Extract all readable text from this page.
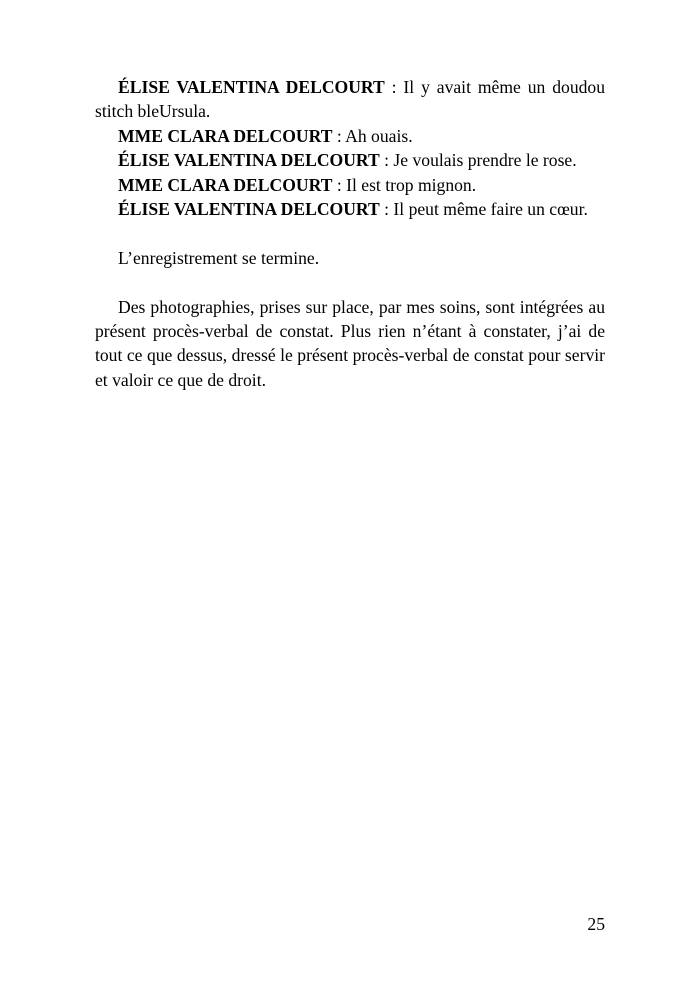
ÉLISE VALENTINA DELCOURT : Il y avait même un doudou stitch bleUrsula.

MME CLARA DELCOURT : Ah ouais.

ÉLISE VALENTINA DELCOURT : Je voulais prendre le rose.

MME CLARA DELCOURT : Il est trop mignon.

ÉLISE VALENTINA DELCOURT : Il peut même faire un cœur.

L’enregistrement se termine.

Des photographies, prises sur place, par mes soins, sont intégrées au présent procès-verbal de constat. Plus rien n’étant à constater, j’ai de tout ce que dessus, dressé le présent procès-verbal de constat pour servir et valoir ce que de droit.

25
